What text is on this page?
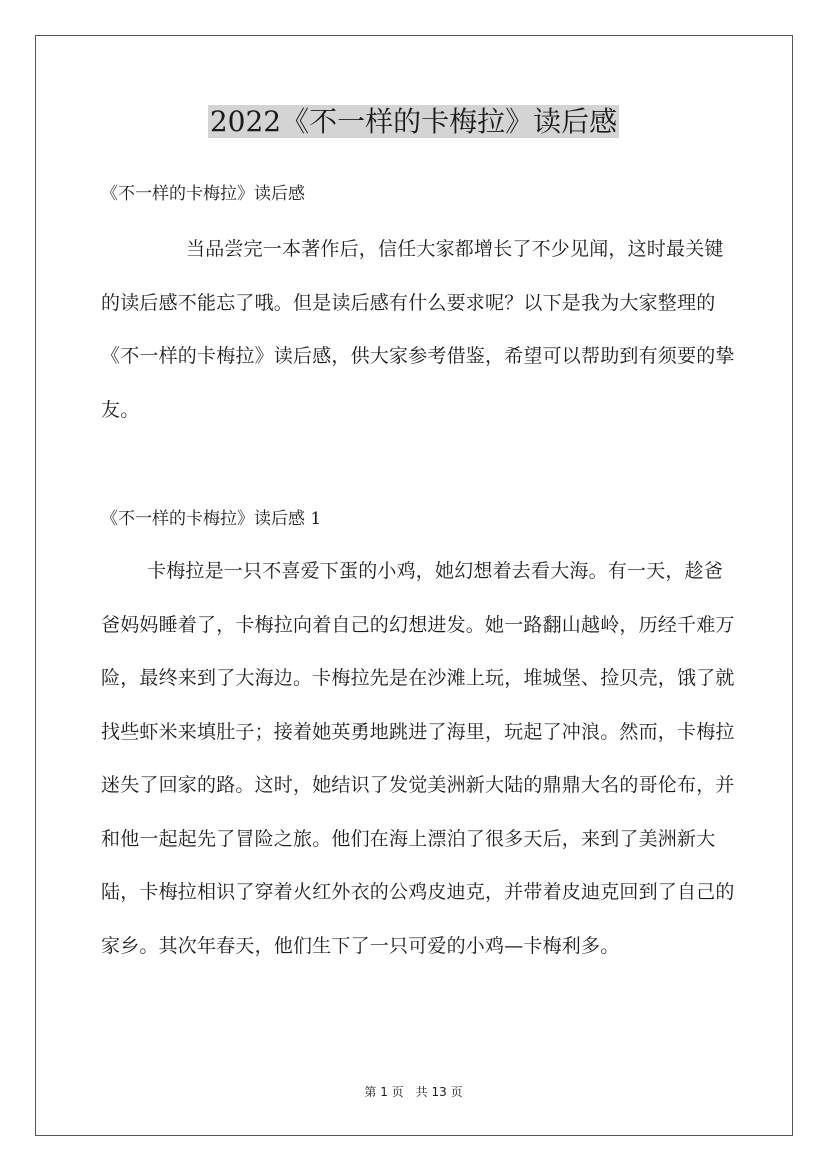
2022《不一样的卡梅拉》读后感
《不一样的卡梅拉》读后感

当品尝完一本著作后，信任大家都增长了不少见闻，这时最关键的读后感不能忘了哦。但是读后感有什么要求呢？以下是我为大家整理的《不一样的卡梅拉》读后感，供大家参考借鉴，希望可以帮助到有须要的挚友。

《不一样的卡梅拉》读后感 1

卡梅拉是一只不喜爱下蛋的小鸡，她幻想着去看大海。有一天，趁爸爸妈妈睡着了，卡梅拉向着自己的幻想进发。她一路翻山越岭，历经千难万险，最终来到了大海边。卡梅拉先是在沙滩上玩，堆城堡、捡贝壳，饿了就找些虾米来填肚子；接着她英勇地跳进了海里，玩起了冲浪。然而，卡梅拉迷失了回家的路。这时，她结识了发觉美洲新大陆的鼎鼎大名的哥伦布，并和他一起起先了冒险之旅。他们在海上漂泊了很多天后，来到了美洲新大陆，卡梅拉相识了穿着火红外衣的公鸡皮迪克，并带着皮迪克回到了自己的家乡。其次年春天，他们生下了一只可爱的小鸡—卡梅利多。

第 1 页　共 13 页
